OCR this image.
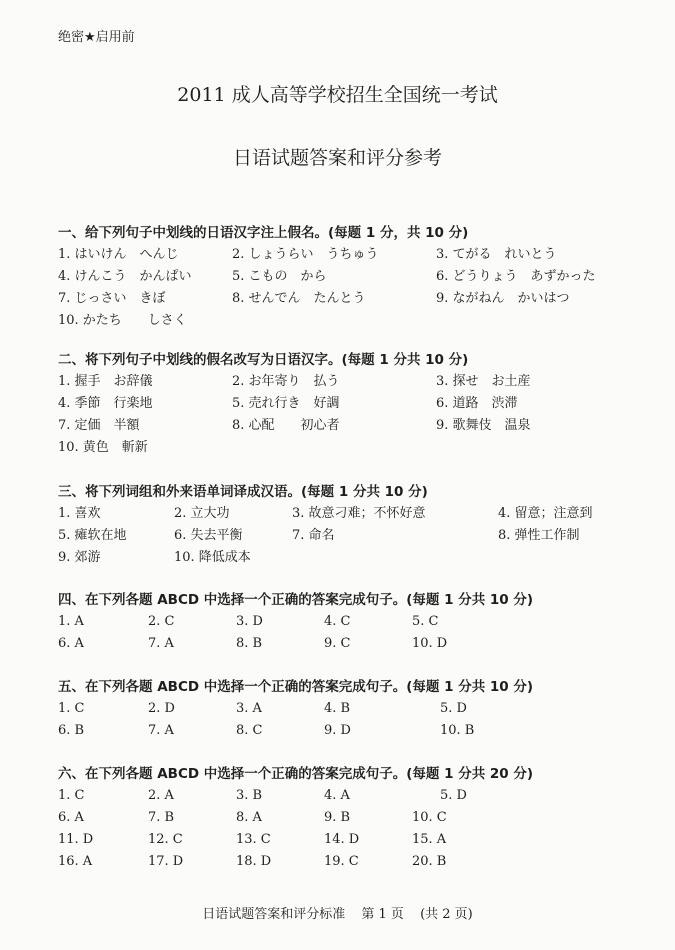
绝密★启用前
2011 成人高等学校招生全国统一考试
日语试题答案和评分参考
一、给下列句子中划线的日语汉字注上假名。(每题 1 分，共 10 分)
1. はいけん　へんじ	2. しょうらい　うちゅう	3. てがる　れいとう
4. けんこう　かんぱい	5. こもの　から	6. どうりょう　あずかった
7. じっさい　きぼ	8. せんでん　たんとう	9. ながねん　かいはつ
10. かたち　　しさく
二、将下列句子中划线的假名改写为日语汉字。(每题 1 分共 10 分)
1. 握手　お辞儀	2. お年寄り　払う	3. 探せ　お土産
4. 季節　行楽地	5. 売れ行き　好調	6. 道路　渋滞
7. 定価　半額	8. 心配　　初心者	9. 歌舞伎　温泉
10. 黄色　斬新
三、将下列词组和外来语单词译成汉语。(每题 1 分共 10 分)
1. 喜欢	2. 立大功	3. 故意刁难；不怀好意	4. 留意；注意到
5. 瘫软在地	6. 失去平衡	7. 命名	8. 弹性工作制
9. 郊游	10. 降低成本
四、在下列各题 ABCD 中选择一个正确的答案完成句子。(每题 1 分共 10 分)
1. A	2. C	3. D	4. C	5. C
6. A	7. A	8. B	9. C	10. D
五、在下列各题 ABCD 中选择一个正确的答案完成句子。(每题 1 分共 10 分)
1. C	2. D	3. A	4. B	5. D
6. B	7. A	8. C	9. D	10. B
六、在下列各题 ABCD 中选择一个正确的答案完成句子。(每题 1 分共 20 分)
1. C	2. A	3. B	4. A	5. D
6. A	7. B	8. A	9. B	10. C
11. D	12. C	13. C	14. D	15. A
16. A	17. D	18. D	19. C	20. B
日语试题答案和评分标准 第 1 页 (共 2 页)
